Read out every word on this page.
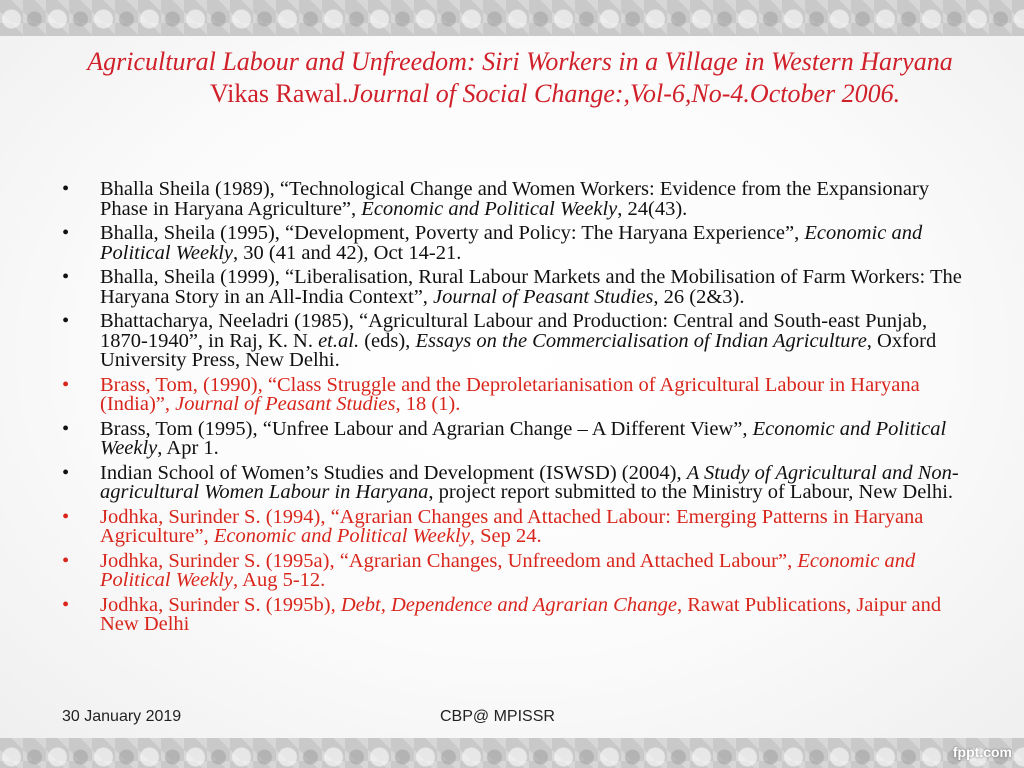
Agricultural Labour and Unfreedom: Siri Workers in a Village in Western Haryana
Vikas Rawal.Journal of Social Change:,Vol-6,No-4.October 2006.
• Bhalla Sheila (1989), “Technological Change and Women Workers: Evidence from the Expansionary Phase in Haryana Agriculture”, Economic and Political Weekly, 24(43).
• Bhalla, Sheila (1995), “Development, Poverty and Policy: The Haryana Experience”, Economic and Political Weekly, 30 (41 and 42), Oct 14-21.
• Bhalla, Sheila (1999), “Liberalisation, Rural Labour Markets and the Mobilisation of Farm Workers: The Haryana Story in an All-India Context”, Journal of Peasant Studies, 26 (2&3).
• Bhattacharya, Neeladri (1985), “Agricultural Labour and Production: Central and South-east Punjab, 1870-1940”, in Raj, K. N. et.al. (eds), Essays on the Commercialisation of Indian Agriculture, Oxford University Press, New Delhi.
• Brass, Tom, (1990), “Class Struggle and the Deproletarianisation of Agricultural Labour in Haryana (India)”, Journal of Peasant Studies, 18 (1).
• Brass, Tom (1995), “Unfree Labour and Agrarian Change – A Different View”, Economic and Political Weekly, Apr 1.
• Indian School of Women’s Studies and Development (ISWSD) (2004), A Study of Agricultural and Non-agricultural Women Labour in Haryana, project report submitted to the Ministry of Labour, New Delhi.
• Jodhka, Surinder S. (1994), “Agrarian Changes and Attached Labour: Emerging Patterns in Haryana Agriculture”, Economic and Political Weekly, Sep 24.
• Jodhka, Surinder S. (1995a), “Agrarian Changes, Unfreedom and Attached Labour”, Economic and Political Weekly, Aug 5-12.
• Jodhka, Surinder S. (1995b), Debt, Dependence and Agrarian Change, Rawat Publications, Jaipur and New Delhi
30 January 2019	CBP@ MPISSR
fppt.com
